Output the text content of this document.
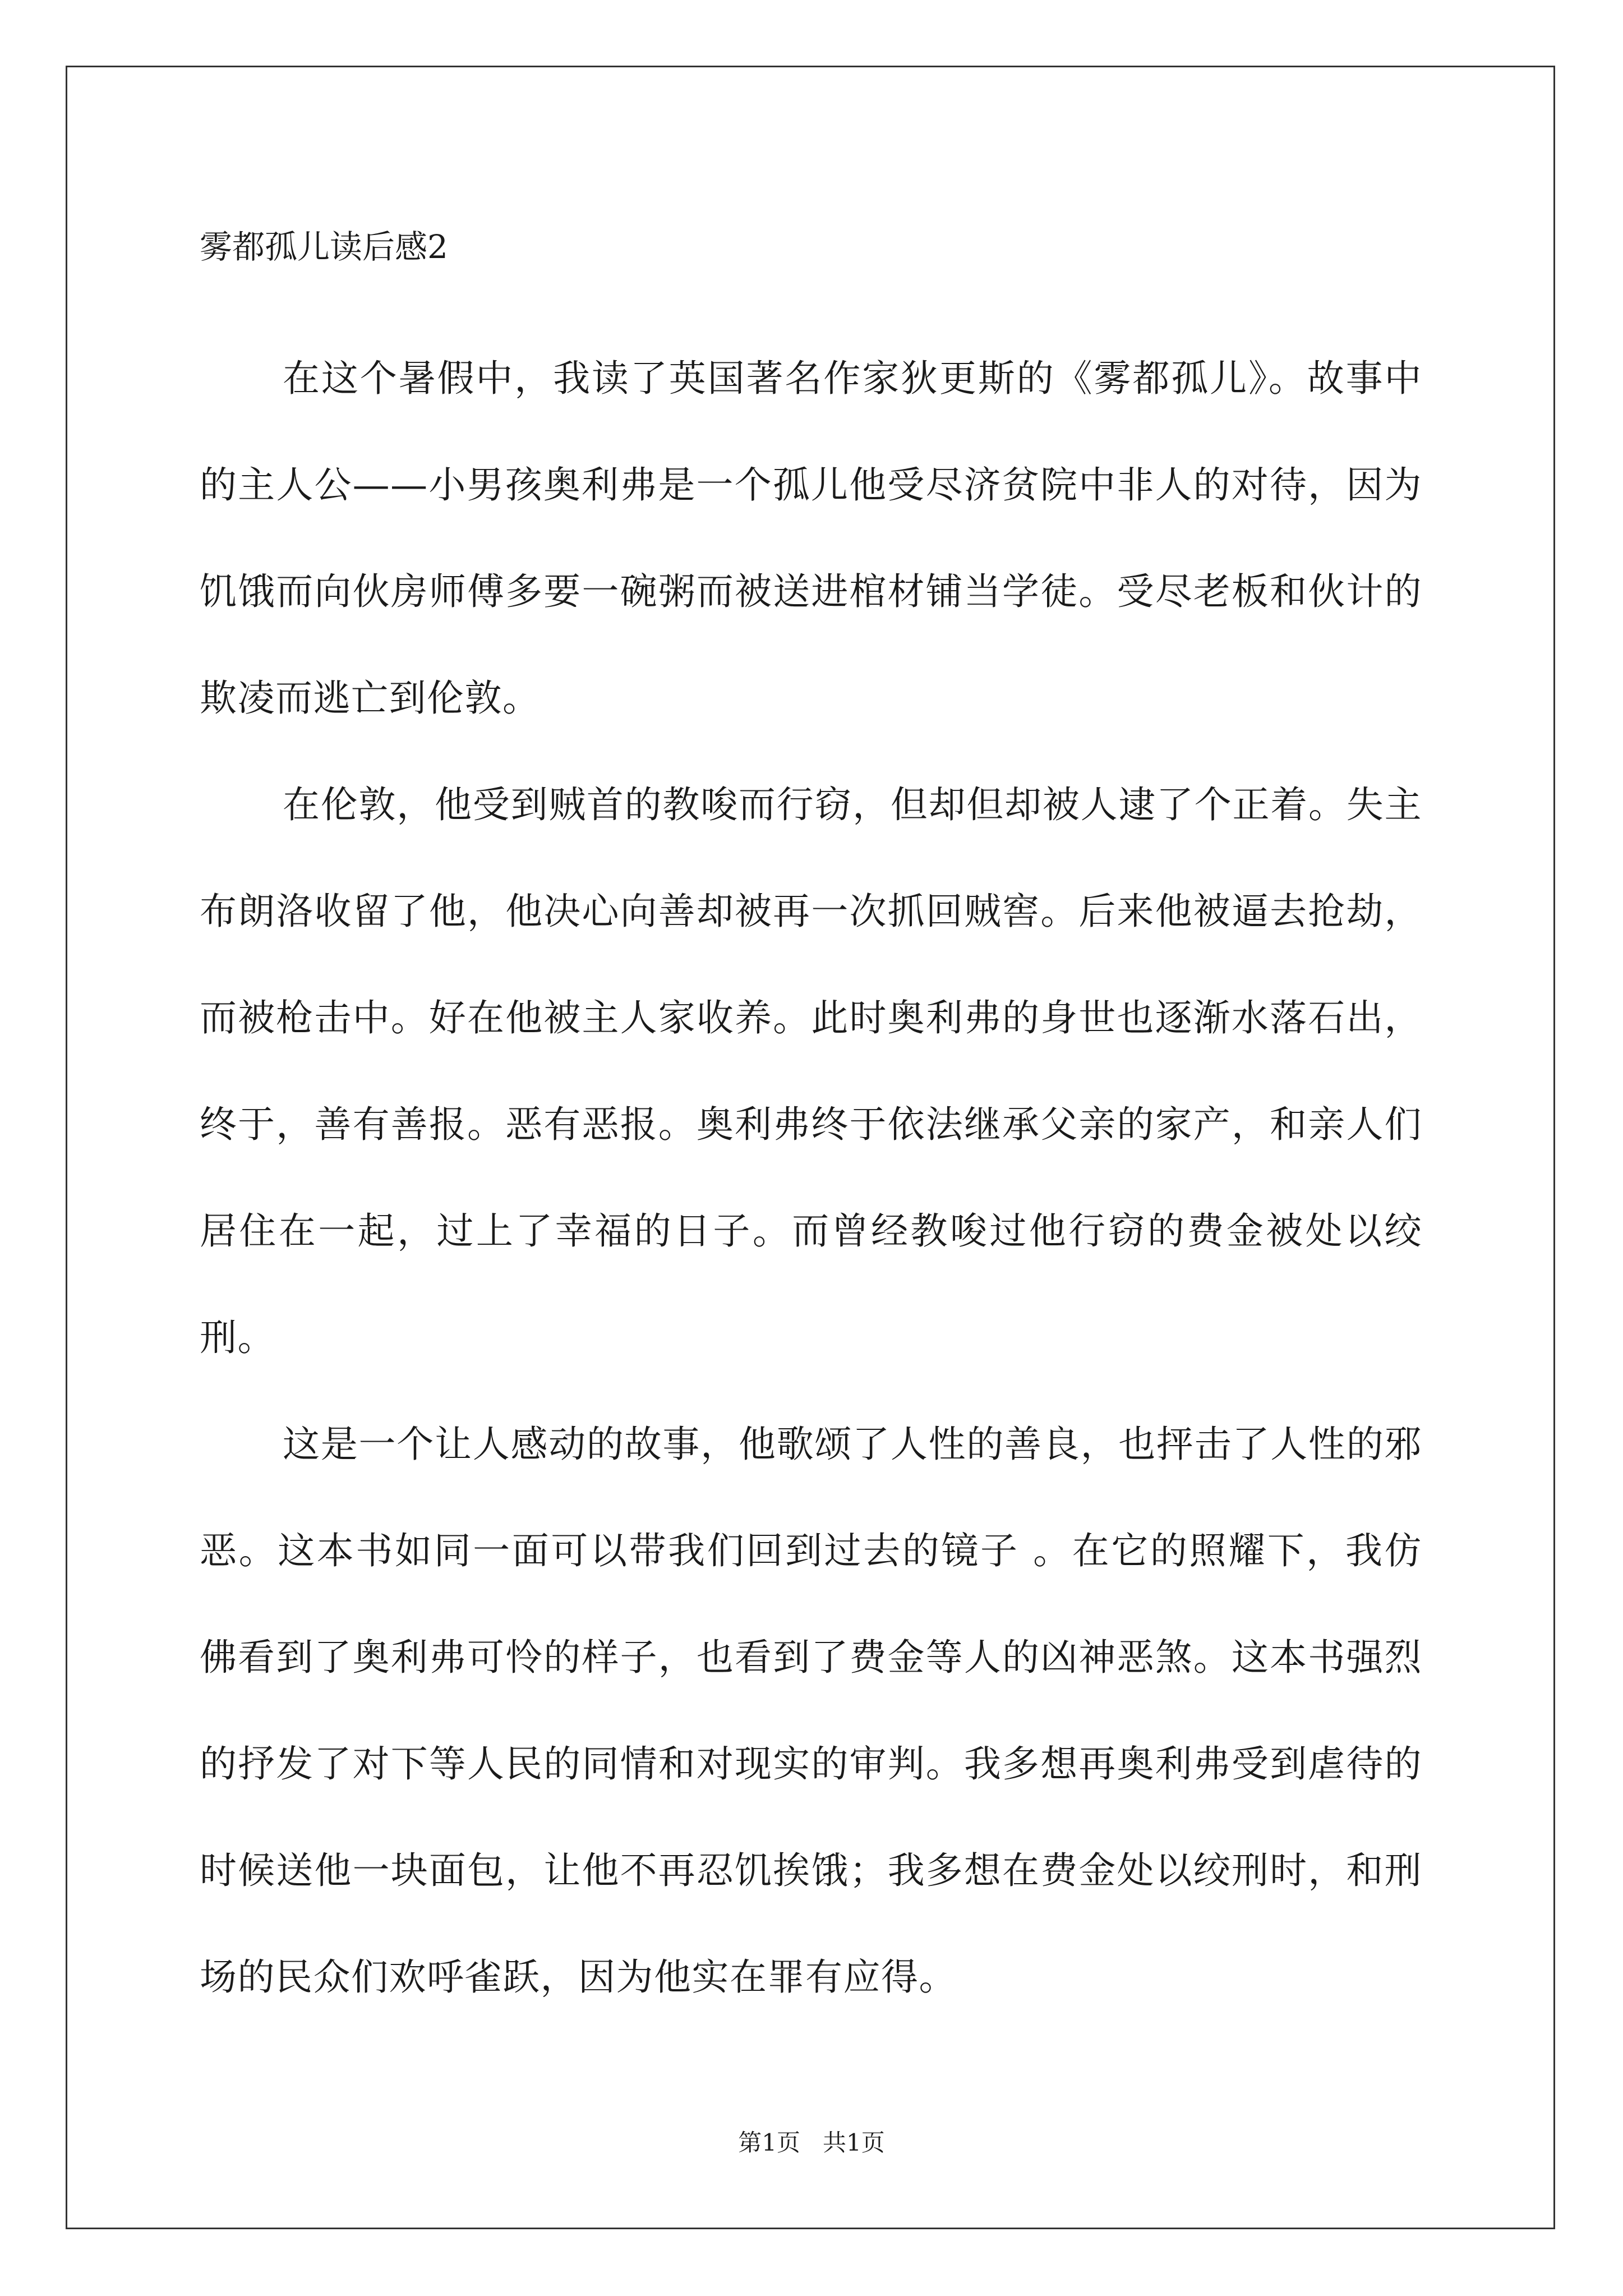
雾都孤儿读后感2

在这个暑假中，我读了英国著名作家狄更斯的《雾都孤儿》。故事中的主人公——小男孩奥利弗是一个孤儿他受尽济贫院中非人的对待，因为饥饿而向伙房师傅多要一碗粥而被送进棺材铺当学徒。受尽老板和伙计的欺凌而逃亡到伦敦。

在伦敦，他受到贼首的教唆而行窃，但却但却被人逮了个正着。失主布朗洛收留了他，他决心向善却被再一次抓回贼窖。后来他被逼去抢劫，而被枪击中。好在他被主人家收养。此时奥利弗的身世也逐渐水落石出，终于，善有善报。恶有恶报。奥利弗终于依法继承父亲的家产，和亲人们居住在一起，过上了幸福的日子。而曾经教唆过他行窃的费金被处以绞刑。

这是一个让人感动的故事，他歌颂了人性的善良，也抨击了人性的邪恶。这本书如同一面可以带我们回到过去的镜子 。在它的照耀下，我仿佛看到了奥利弗可怜的样子，也看到了费金等人的凶神恶煞。这本书强烈的抒发了对下等人民的同情和对现实的审判。我多想再奥利弗受到虐待的时候送他一块面包，让他不再忍饥挨饿；我多想在费金处以绞刑时，和刑场的民众们欢呼雀跃，因为他实在罪有应得。

第1页   共1页
